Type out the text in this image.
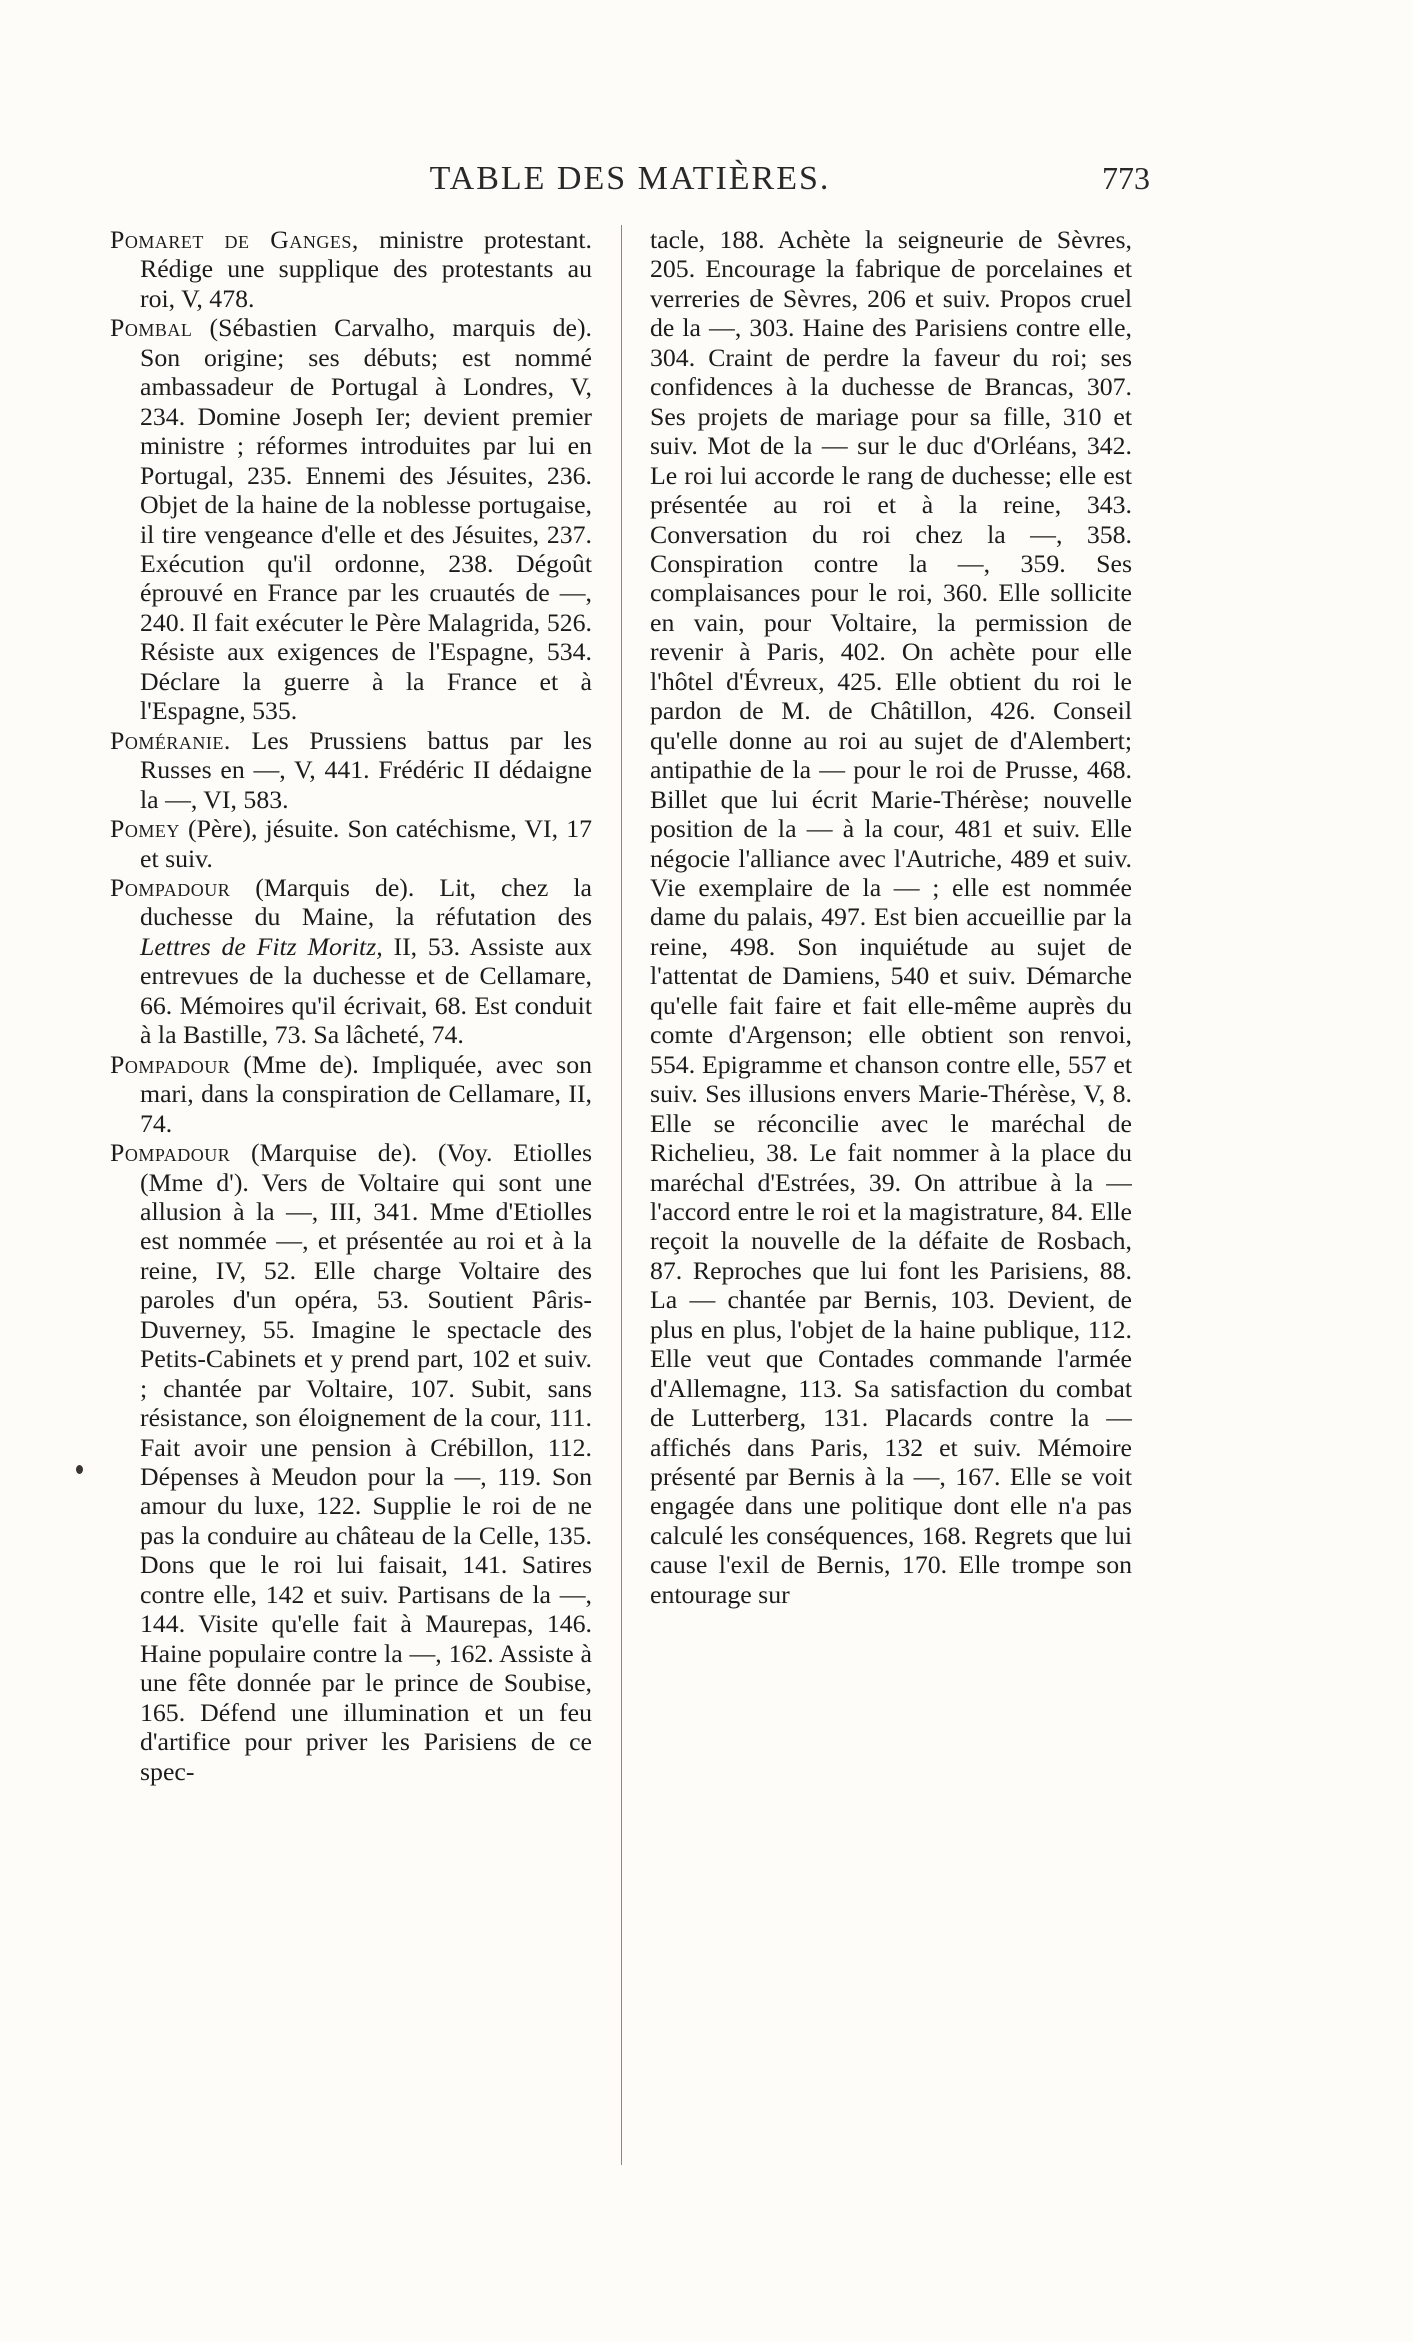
TABLE DES MATIÈRES.	773

Pomaret de Ganges, ministre protestant. Rédige une supplique des protestants au roi, V, 478.

Pombal (Sébastien Carvalho, marquis de). Son origine; ses débuts; est nommé ambassadeur de Portugal à Londres, V, 234. Domine Joseph Ier; devient premier ministre ; réformes introduites par lui en Portugal, 235. Ennemi des Jésuites, 236. Objet de la haine de la noblesse portugaise, il tire vengeance d'elle et des Jésuites, 237. Exécution qu'il ordonne, 238. Dégoût éprouvé en France par les cruautés de —, 240. Il fait exécuter le Père Malagrida, 526. Résiste aux exigences de l'Espagne, 534. Déclare la guerre à la France et à l'Espagne, 535.

Poméranie. Les Prussiens battus par les Russes en —, V, 441. Frédéric II dédaigne la —, VI, 583.

Pomey (Père), jésuite. Son catéchisme, VI, 17 et suiv.

Pompadour (Marquis de). Lit, chez la duchesse du Maine, la réfutation des Lettres de Fitz Moritz, II, 53. Assiste aux entrevues de la duchesse et de Cellamare, 66. Mémoires qu'il écrivait, 68. Est conduit à la Bastille, 73. Sa lâcheté, 74.

Pompadour (Mme de). Impliquée, avec son mari, dans la conspiration de Cellamare, II, 74.

Pompadour (Marquise de). (Voy. Etiolles (Mme d'). Vers de Voltaire qui sont une allusion à la —, III, 341. Mme d'Etiolles est nommée —, et présentée au roi et à la reine, IV, 52. Elle charge Voltaire des paroles d'un opéra, 53. Soutient Pâris-Duverney, 55. Imagine le spectacle des Petits-Cabinets et y prend part, 102 et suiv. ; chantée par Voltaire, 107. Subit, sans résistance, son éloignement de la cour, 111. Fait avoir une pension à Crébillon, 112. Dépenses à Meudon pour la —, 119. Son amour du luxe, 122. Supplie le roi de ne pas la conduire au château de la Celle, 135. Dons que le roi lui faisait, 141. Satires contre elle, 142 et suiv. Partisans de la —, 144. Visite qu'elle fait à Maurepas, 146. Haine populaire contre la —, 162. Assiste à une fête donnée par le prince de Soubise, 165. Défend une illumination et un feu d'artifice pour priver les Parisiens de ce spec-

tacle, 188. Achète la seigneurie de Sèvres, 205. Encourage la fabrique de porcelaines et verreries de Sèvres, 206 et suiv. Propos cruel de la —, 303. Haine des Parisiens contre elle, 304. Craint de perdre la faveur du roi; ses confidences à la duchesse de Brancas, 307. Ses projets de mariage pour sa fille, 310 et suiv. Mot de la — sur le duc d'Orléans, 342. Le roi lui accorde le rang de duchesse; elle est présentée au roi et à la reine, 343. Conversation du roi chez la —, 358. Conspiration contre la —, 359. Ses complaisances pour le roi, 360. Elle sollicite en vain, pour Voltaire, la permission de revenir à Paris, 402. On achète pour elle l'hôtel d'Évreux, 425. Elle obtient du roi le pardon de M. de Châtillon, 426. Conseil qu'elle donne au roi au sujet de d'Alembert; antipathie de la — pour le roi de Prusse, 468. Billet que lui écrit Marie-Thérèse; nouvelle position de la — à la cour, 481 et suiv. Elle négocie l'alliance avec l'Autriche, 489 et suiv. Vie exemplaire de la — ; elle est nommée dame du palais, 497. Est bien accueillie par la reine, 498. Son inquiétude au sujet de l'attentat de Damiens, 540 et suiv. Démarche qu'elle fait faire et fait elle-même auprès du comte d'Argenson; elle obtient son renvoi, 554. Epigramme et chanson contre elle, 557 et suiv. Ses illusions envers Marie-Thérèse, V, 8. Elle se réconcilie avec le maréchal de Richelieu, 38. Le fait nommer à la place du maréchal d'Estrées, 39. On attribue à la — l'accord entre le roi et la magistrature, 84. Elle reçoit la nouvelle de la défaite de Rosbach, 87. Reproches que lui font les Parisiens, 88. La — chantée par Bernis, 103. Devient, de plus en plus, l'objet de la haine publique, 112. Elle veut que Contades commande l'armée d'Allemagne, 113. Sa satisfaction du combat de Lutterberg, 131. Placards contre la — affichés dans Paris, 132 et suiv. Mémoire présenté par Bernis à la —, 167. Elle se voit engagée dans une politique dont elle n'a pas calculé les conséquences, 168. Regrets que lui cause l'exil de Bernis, 170. Elle trompe son entourage sur
